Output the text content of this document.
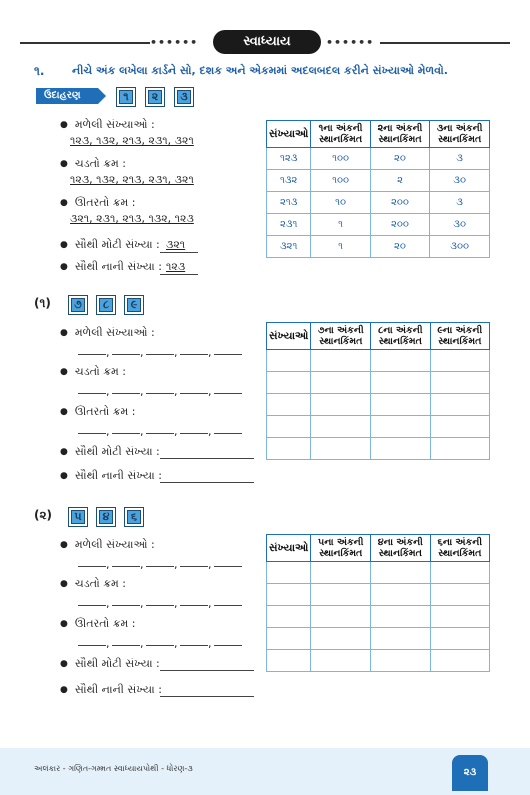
••••••	સ્વાધ્યાય	••••••
૧.	નીચે અંક લખેલા કાર્ડને સો, દશક અને એકમમાં અદલબદલ કરીને સંખ્યાઓ મેળવો.
ઉદાહરણ	૧	૨	૩
● મળેલી સંખ્યાઓ :
૧૨૩, ૧૩૨, ૨૧૩, ૨૩૧, ૩૨૧
● ચડતો ક્રમ :
૧૨૩, ૧૩૨, ૨૧૩, ૨૩૧, ૩૨૧
● ઊતરતો ક્રમ :
૩૨૧, ૨૩૧, ૨૧૩, ૧૩૨, ૧૨૩
● સૌથી મોટી સંખ્યા : ૩૨૧
● સૌથી નાની સંખ્યા : ૧૨૩
સંખ્યાઓ	૧ના અંકની સ્થાનકિંમત	૨ના અંકની સ્થાનકિંમત	૩ના અંકની સ્થાનકિંમત
૧૨૩	૧૦૦	૨૦	૩
૧૩૨	૧૦૦	૨	૩૦
૨૧૩	૧૦	૨૦૦	૩
૨૩૧	૧	૨૦૦	૩૦
૩૨૧	૧	૨૦	૩૦૦
(૧)	૭	૮	૯
● મળેલી સંખ્યાઓ :
● ચડતો ક્રમ :
● ઊતરતો ક્રમ :
● સૌથી મોટી સંખ્યા :
● સૌથી નાની સંખ્યા :
સંખ્યાઓ	૭ના અંકની સ્થાનકિંમત	૮ના અંકની સ્થાનકિંમત	૯ના અંકની સ્થાનકિંમત

(૨)	૫	૪	૬
● મળેલી સંખ્યાઓ :
● ચડતો ક્રમ :
● ઊતરતો ક્રમ :
● સૌથી મોટી સંખ્યા :
● સૌથી નાની સંખ્યા :
સંખ્યાઓ	૫ના અંકની સ્થાનકિંમત	૪ના અંકની સ્થાનકિંમત	૬ના અંકની સ્થાનકિંમત

અલંકાર - ગણિત-ગમ્મત સ્વાધ્યાયપોથી - ધોરણ-૩	૨૩
,	,	,	,
,	,	,	,
,	,	,	,
,	,	,	,
,	,	,	,
,	,	,	,
